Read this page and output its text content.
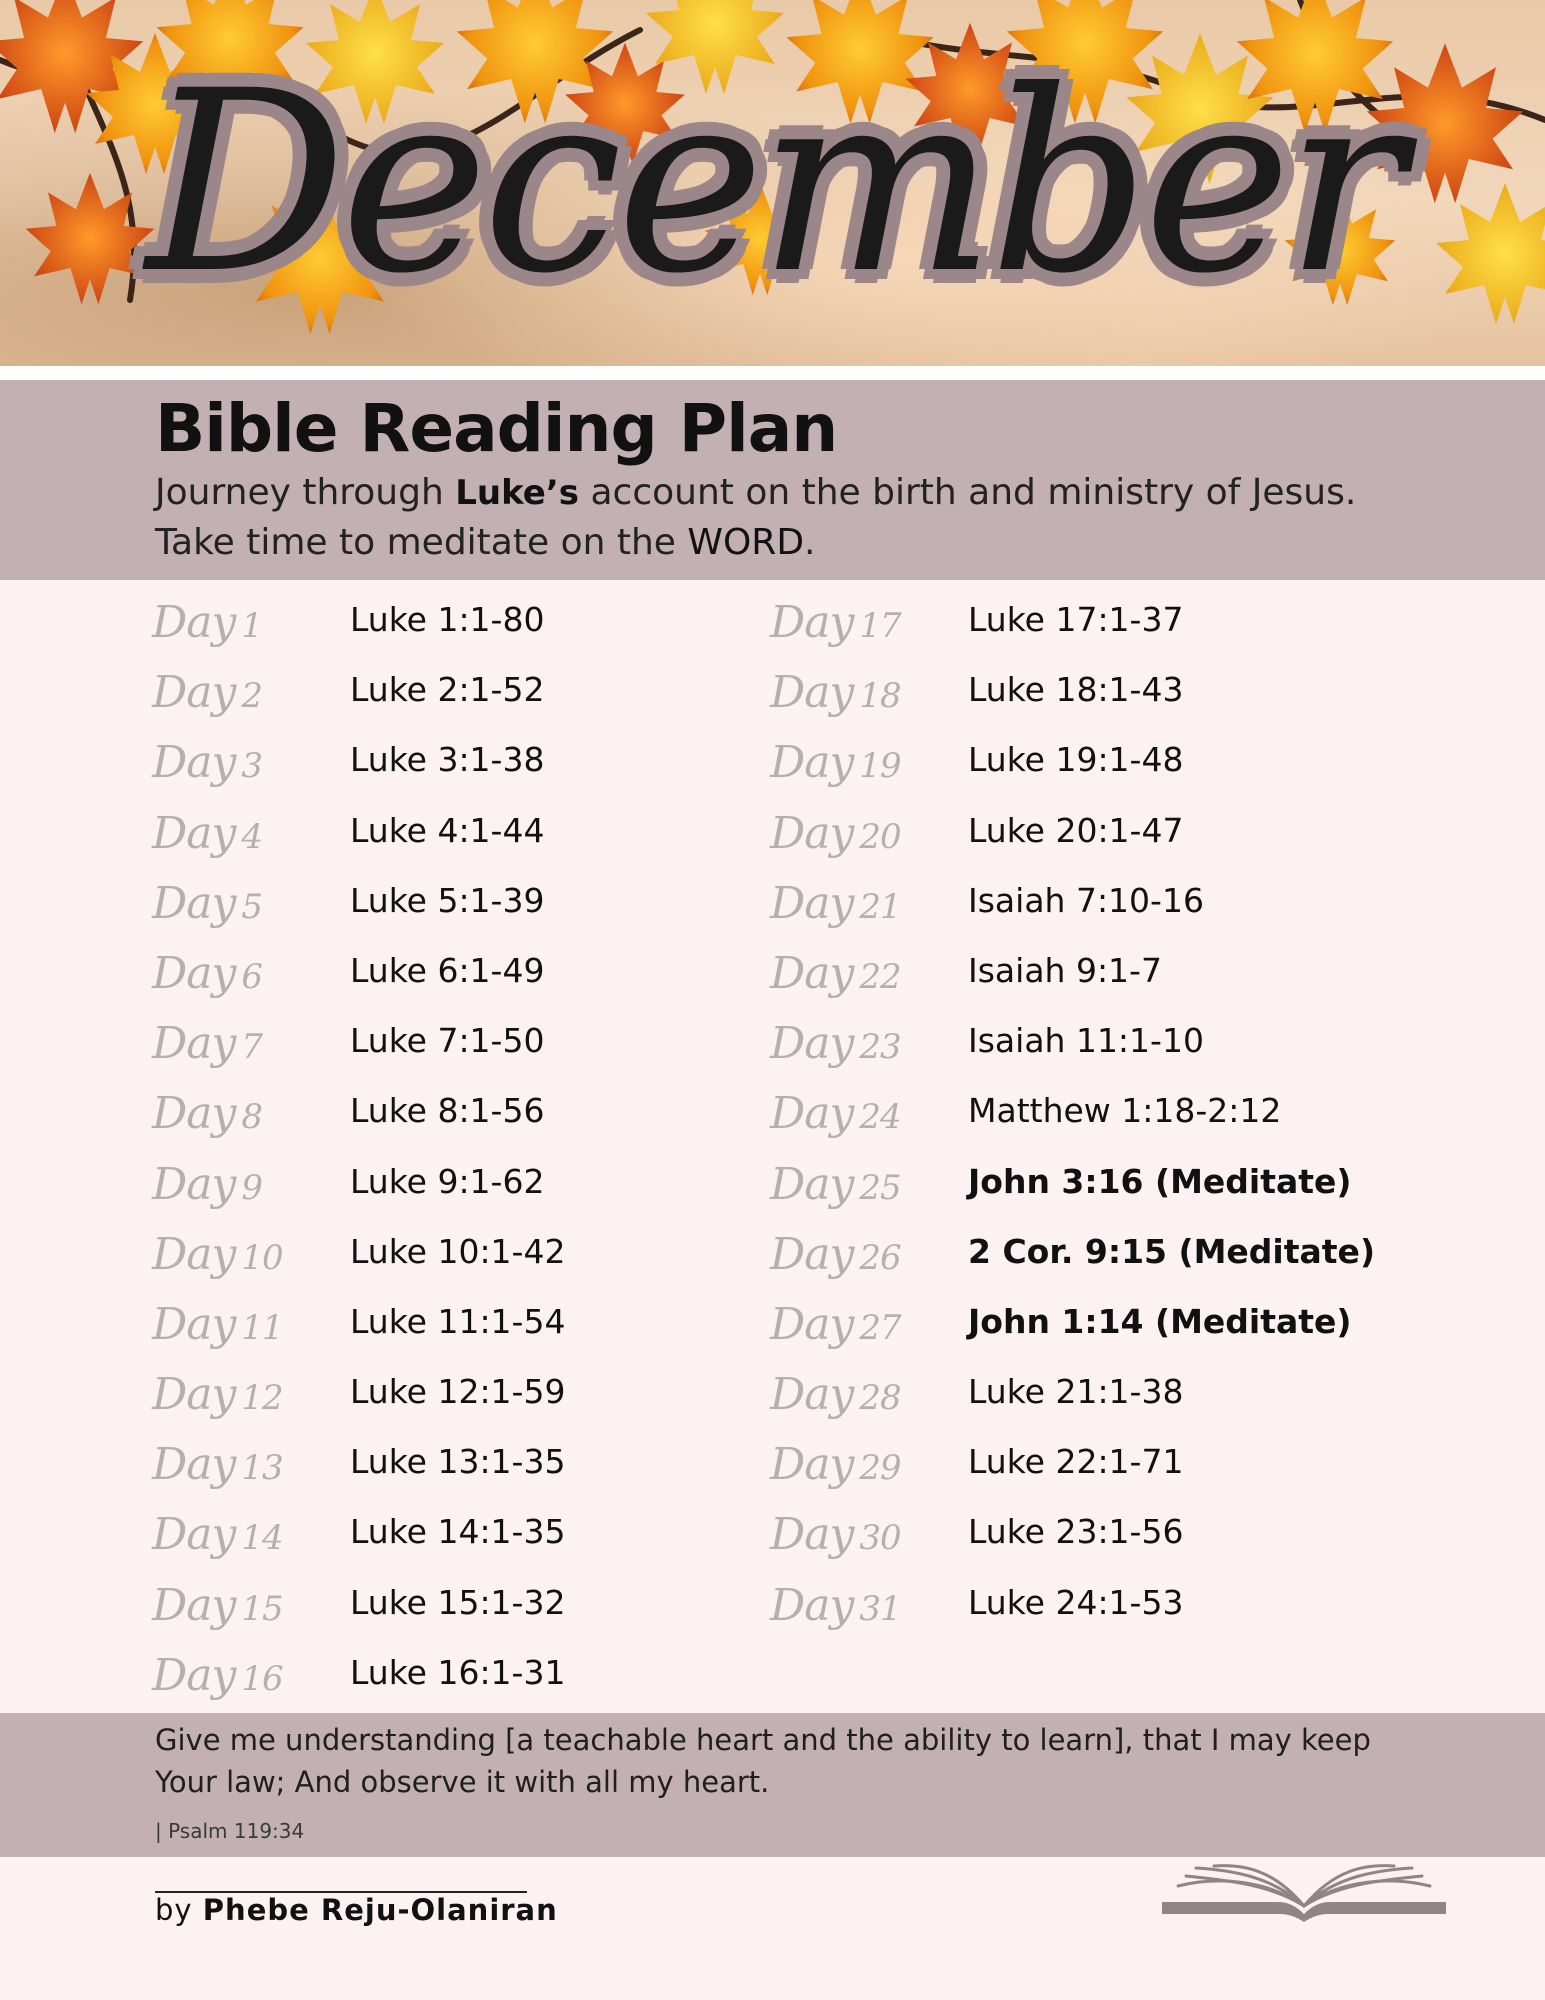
December
Bible Reading Plan

Journey through Luke’s account on the birth and ministry of Jesus.

Take time to meditate on the WORD.

Day 1	Luke 1:1-80
Day 2	Luke 2:1-52
Day 3	Luke 3:1-38
Day 4	Luke 4:1-44
Day 5	Luke 5:1-39
Day 6	Luke 6:1-49
Day 7	Luke 7:1-50
Day 8	Luke 8:1-56
Day 9	Luke 9:1-62
Day 10 Luke 10:1-42
Day 11 Luke 11:1-54
Day 12 Luke 12:1-59
Day 13 Luke 13:1-35
Day 14 Luke 14:1-35
Day 15 Luke 15:1-32
Day 16 Luke 16:1-31
Day 17 Luke 17:1-37
Day 18 Luke 18:1-43
Day 19 Luke 19:1-48
Day 20 Luke 20:1-47
Day 21 Isaiah 7:10-16
Day 22 Isaiah 9:1-7
Day 23 Isaiah 11:1-10
Day 24 Matthew 1:18-2:12
Day 25 John 3:16 (Meditate)
Day 26 2 Cor. 9:15 (Meditate)
Day 27 John 1:14 (Meditate)
Day 28 Luke 21:1-38
Day 29 Luke 22:1-71
Day 30 Luke 23:1-56
Day 31 Luke 24:1-53

Give me understanding [a teachable heart and the ability to learn], that I may keep

Your law; And observe it with all my heart.

| Psalm 119:34

by Phebe Reju-Olaniran
